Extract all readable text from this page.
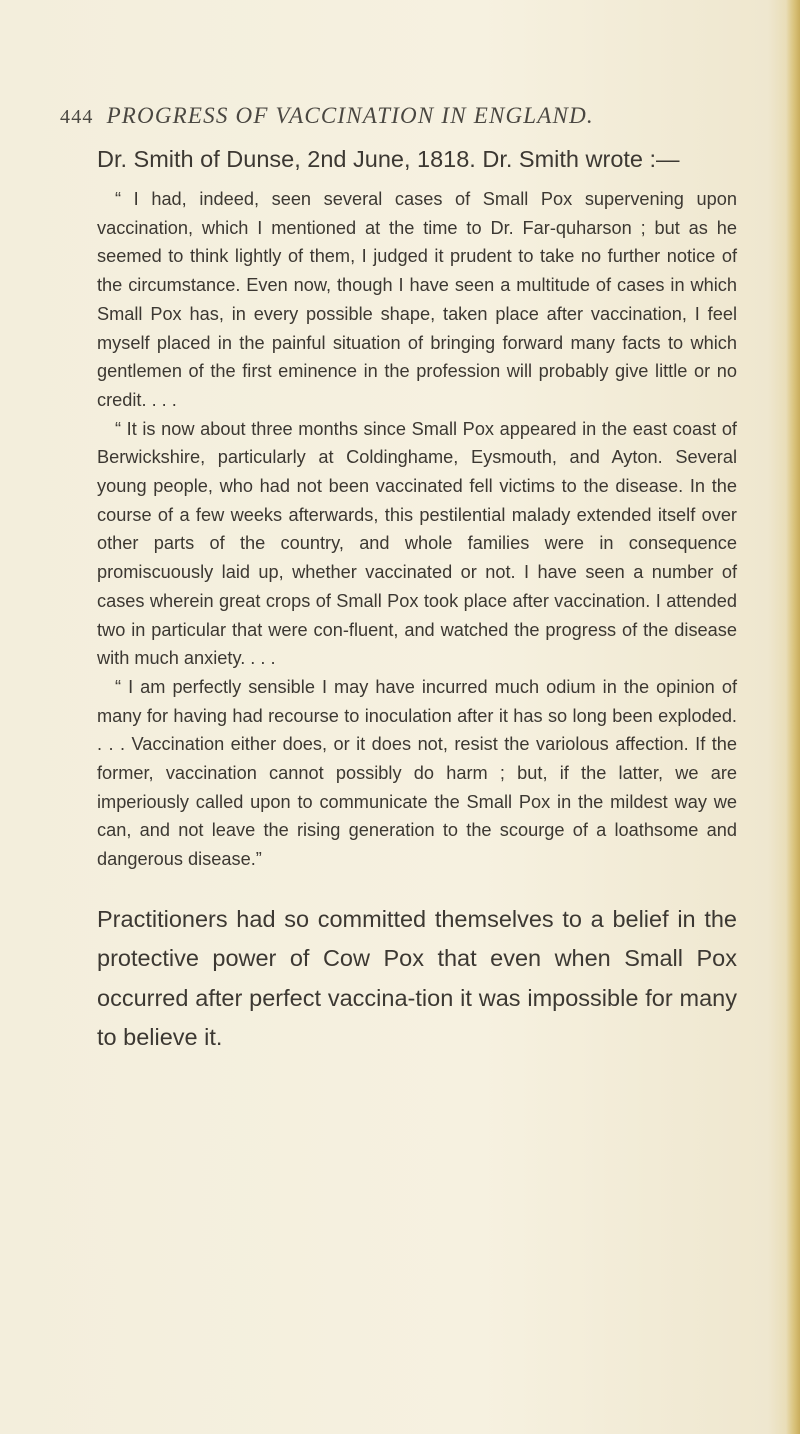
444 PROGRESS OF VACCINATION IN ENGLAND.

Dr. Smith of Dunse, 2nd June, 1818. Dr. Smith wrote :—

“ I had, indeed, seen several cases of Small Pox supervening upon vaccination, which I mentioned at the time to Dr. Far-quharson ; but as he seemed to think lightly of them, I judged it prudent to take no further notice of the circumstance. Even now, though I have seen a multitude of cases in which Small Pox has, in every possible shape, taken place after vaccination, I feel myself placed in the painful situation of bringing forward many facts to which gentlemen of the first eminence in the profession will probably give little or no credit. . . .

“ It is now about three months since Small Pox appeared in the east coast of Berwickshire, particularly at Coldinghame, Eysmouth, and Ayton. Several young people, who had not been vaccinated fell victims to the disease. In the course of a few weeks afterwards, this pestilential malady extended itself over other parts of the country, and whole families were in consequence promiscuously laid up, whether vaccinated or not. I have seen a number of cases wherein great crops of Small Pox took place after vaccination. I attended two in particular that were con-fluent, and watched the progress of the disease with much anxiety. . . .

“ I am perfectly sensible I may have incurred much odium in the opinion of many for having had recourse to inoculation after it has so long been exploded. . . . Vaccination either does, or it does not, resist the variolous affection. If the former, vaccination cannot possibly do harm ; but, if the latter, we are imperiously called upon to communicate the Small Pox in the mildest way we can, and not leave the rising generation to the scourge of a loathsome and dangerous disease.”

Practitioners had so committed themselves to a belief in the protective power of Cow Pox that even when Small Pox occurred after perfect vaccina-tion it was impossible for many to believe it.
